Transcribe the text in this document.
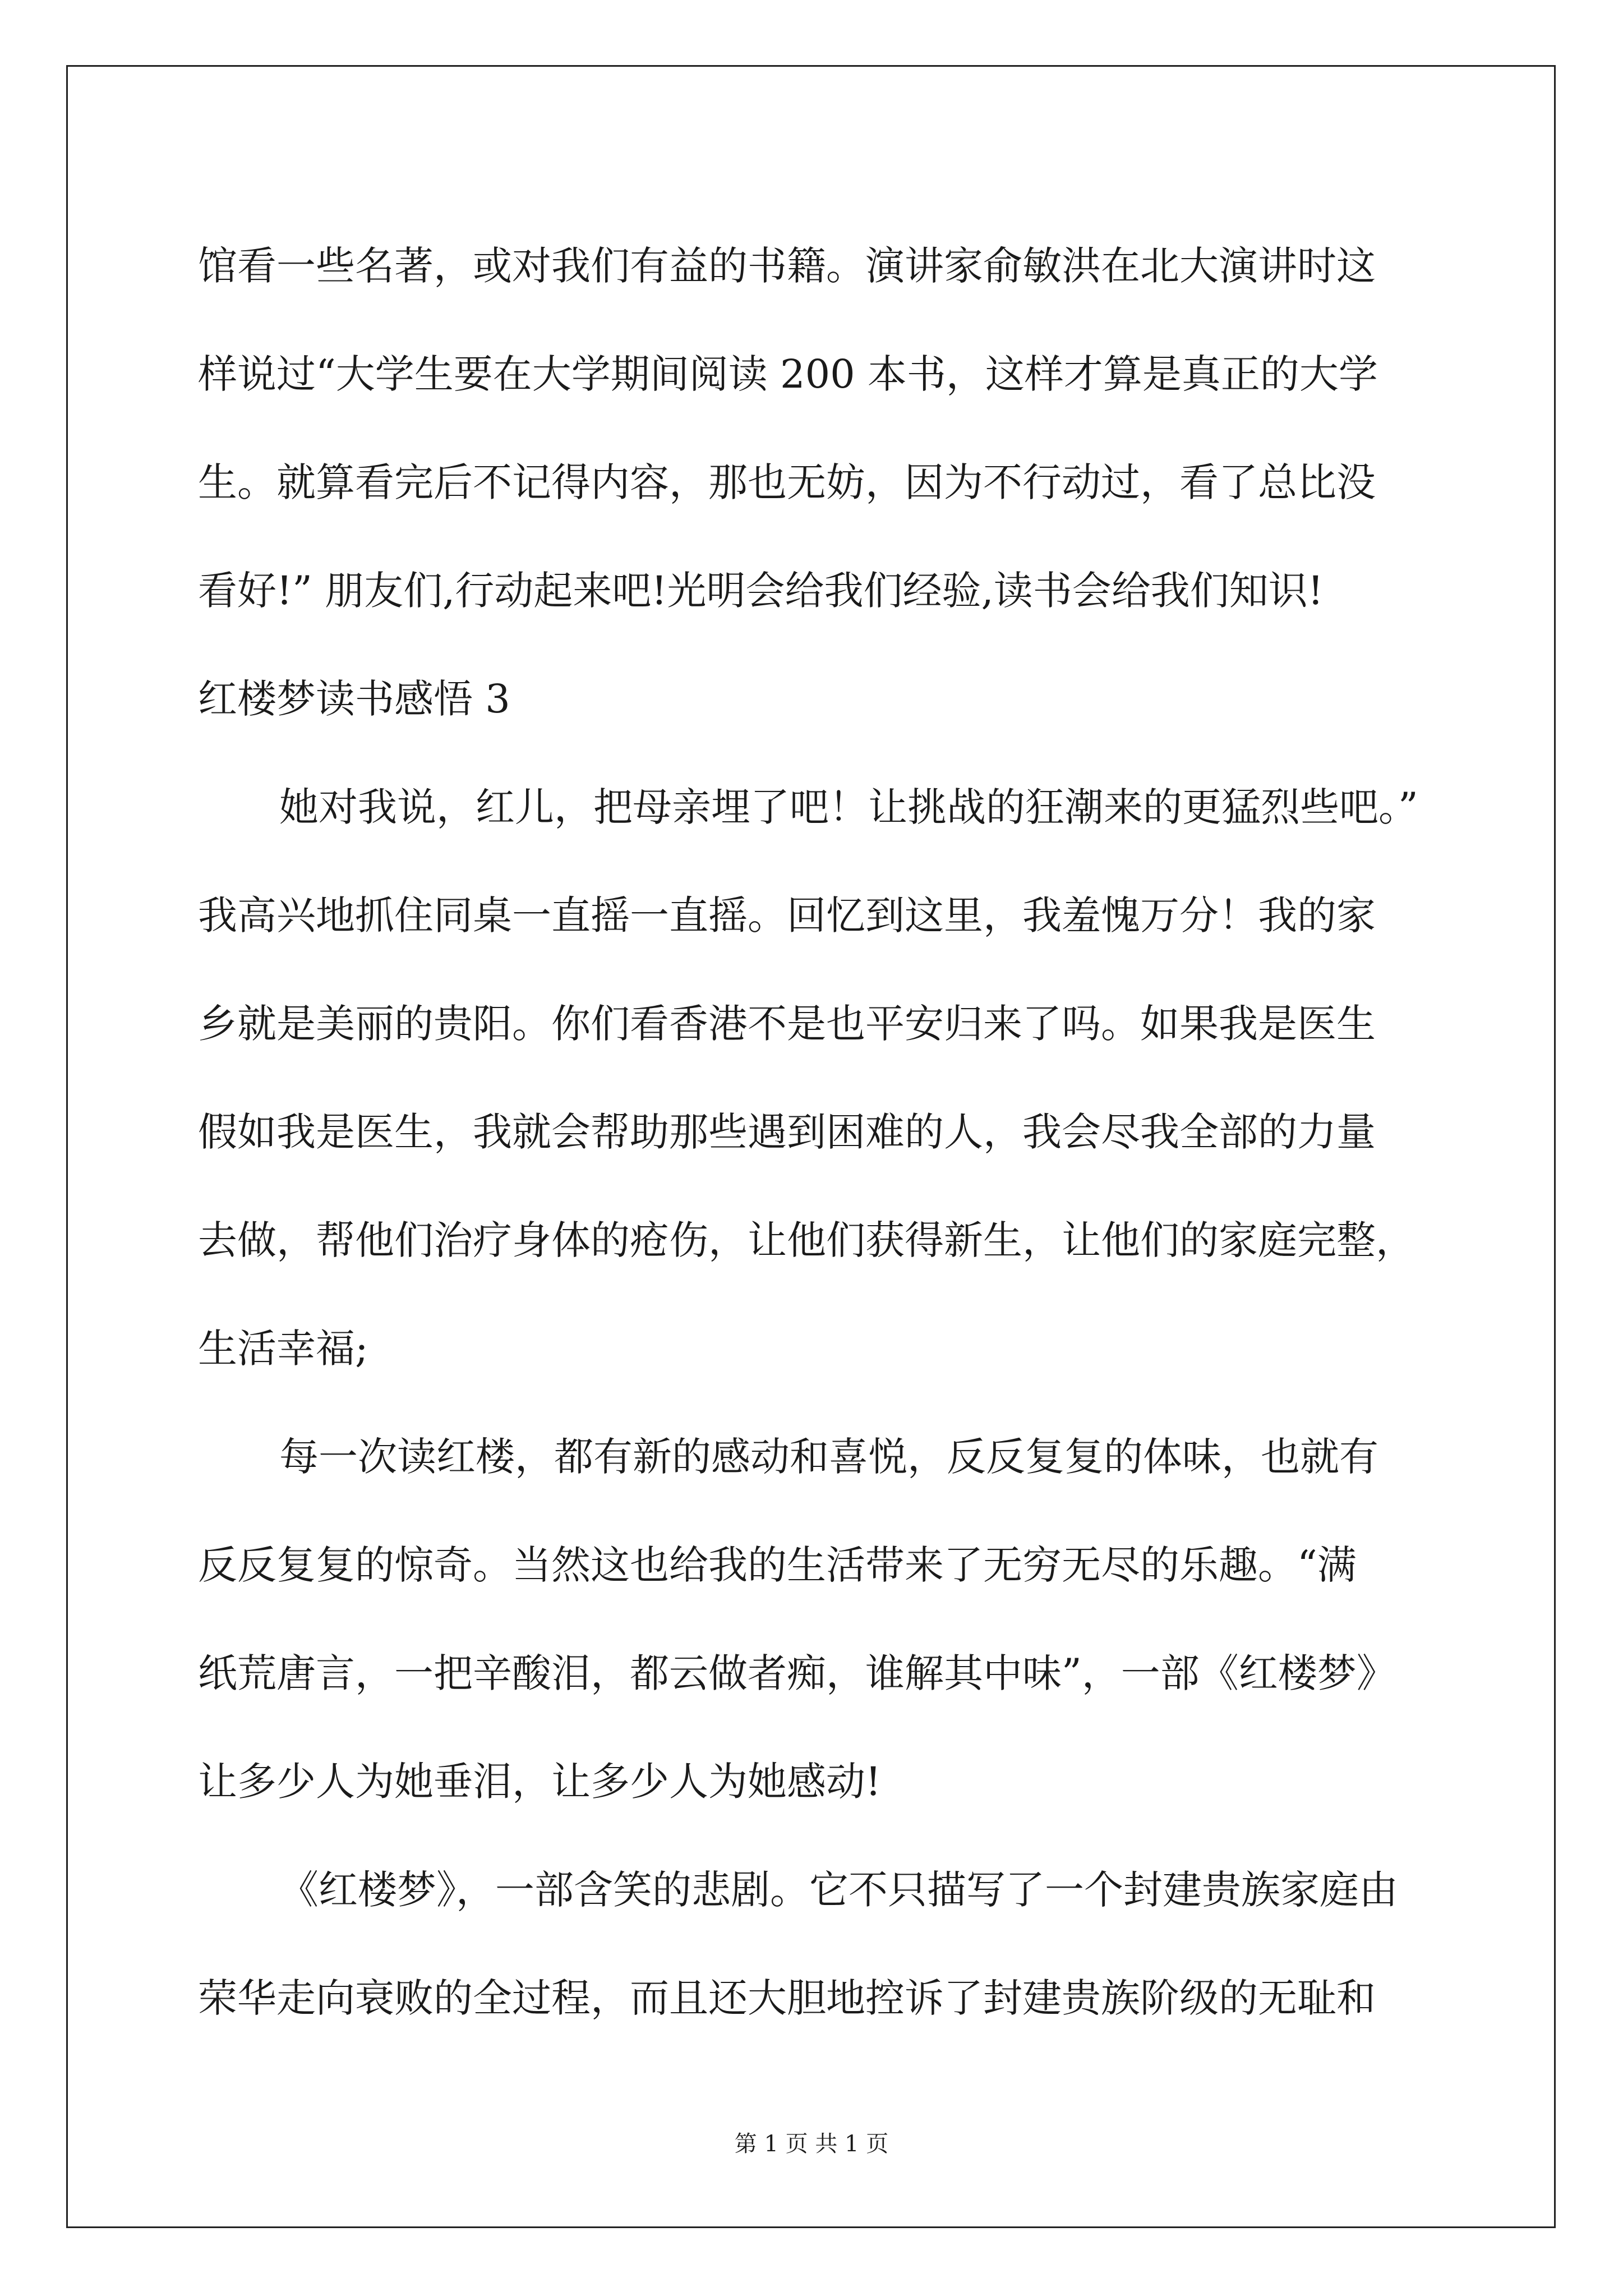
馆看一些名著，或对我们有益的书籍。演讲家俞敏洪在北大演讲时这
样说过“大学生要在大学期间阅读 200 本书，这样才算是真正的大学
生。就算看完后不记得内容，那也无妨，因为不行动过，看了总比没
看好!” 朋友们,行动起来吧!光明会给我们经验,读书会给我们知识!
红楼梦读书感悟 3
她对我说，红儿，把母亲埋了吧！让挑战的狂潮来的更猛烈些吧。”
我高兴地抓住同桌一直摇一直摇。回忆到这里，我羞愧万分！我的家
乡就是美丽的贵阳。你们看香港不是也平安归来了吗。如果我是医生
假如我是医生，我就会帮助那些遇到困难的人，我会尽我全部的力量
去做，帮他们治疗身体的疮伤，让他们获得新生，让他们的家庭完整，
生活幸福;
每一次读红楼，都有新的感动和喜悦，反反复复的体味，也就有
反反复复的惊奇。当然这也给我的生活带来了无穷无尽的乐趣。“满
纸荒唐言，一把辛酸泪，都云做者痴，谁解其中味”，一部《红楼梦》
让多少人为她垂泪，让多少人为她感动!
《红楼梦》，一部含笑的悲剧。它不只描写了一个封建贵族家庭由
荣华走向衰败的全过程，而且还大胆地控诉了封建贵族阶级的无耻和
第 1 页 共 1 页
